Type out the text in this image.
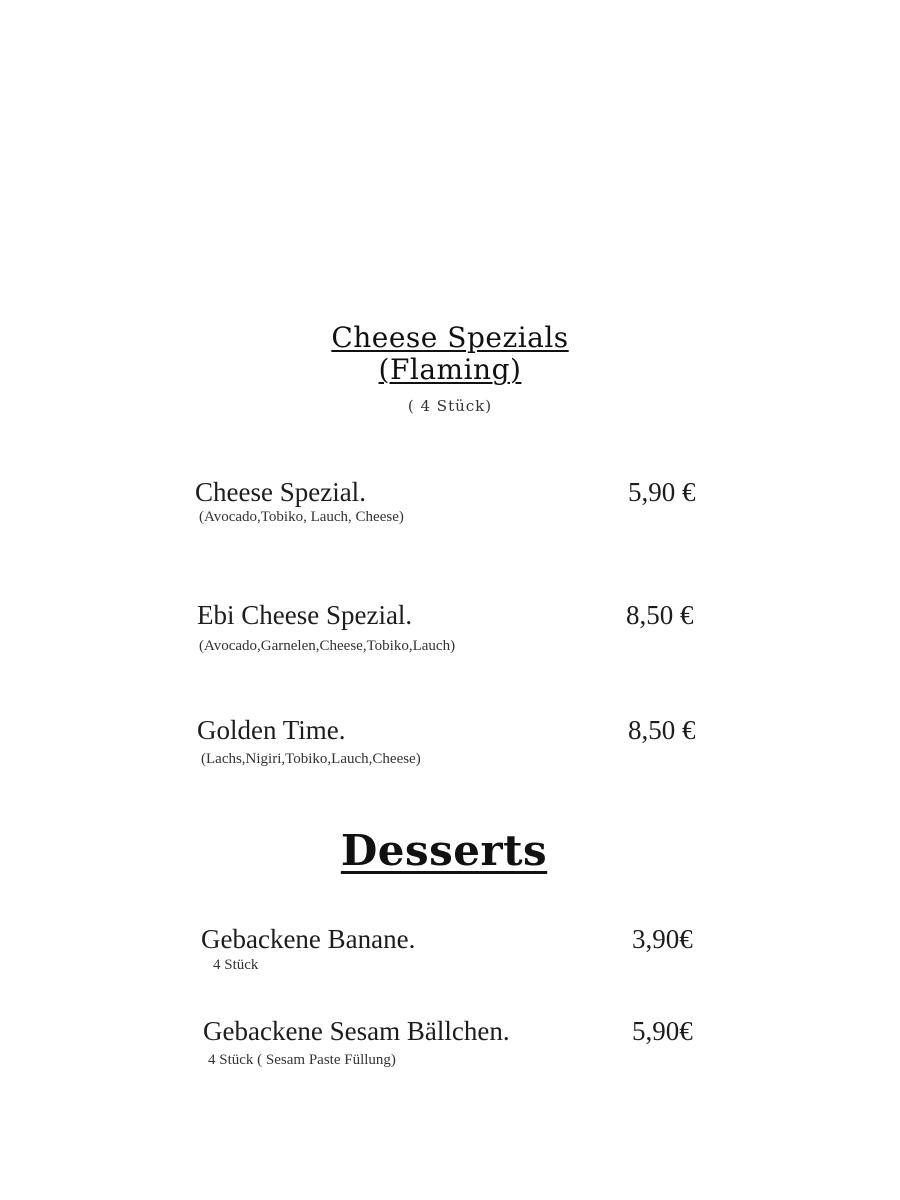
Cheese Spezials
(Flaming)
( 4 Stück)
Cheese Spezial.
(Avocado,Tobiko, Lauch, Cheese)
5,90 €
Ebi Cheese Spezial.
(Avocado,Garnelen,Cheese,Tobiko,Lauch)
8,50 €
Golden Time.
(Lachs,Nigiri,Tobiko,Lauch,Cheese)
8,50 €
Desserts
Gebackene Banane.
4 Stück
3,90€
Gebackene Sesam Bällchen.
4 Stück ( Sesam Paste Füllung)
5,90€
